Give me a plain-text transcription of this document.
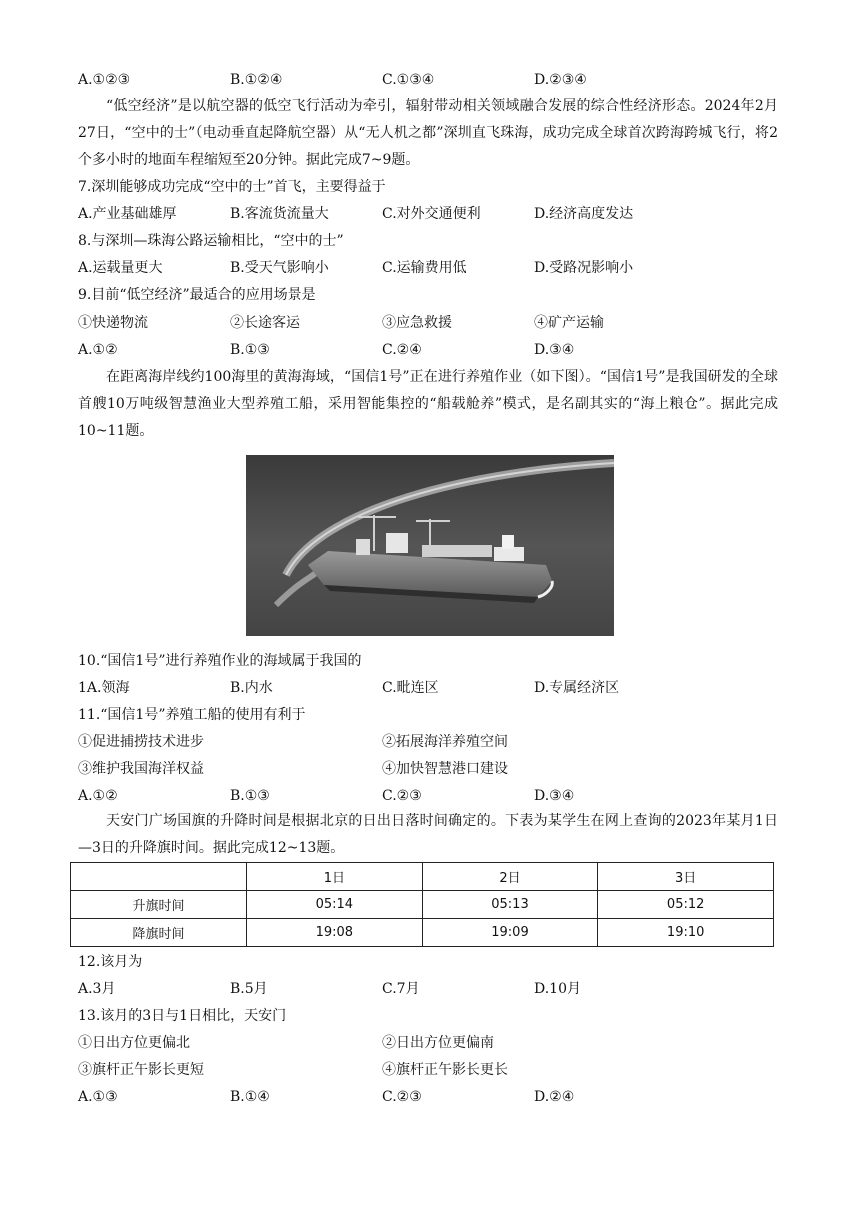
A.①②③	B.①②④	C.①③④	D.②③④
“低空经济”是以航空器的低空飞行活动为牵引，辐射带动相关领域融合发展的综合性经济形态。2024年2月27日，“空中的士”（电动垂直起降航空器）从“无人机之都”深圳直飞珠海，成功完成全球首次跨海跨城飞行，将2个多小时的地面车程缩短至20分钟。据此完成7~9题。
7.深圳能够成功完成“空中的士”首飞，主要得益于
A.产业基础雄厚	B.客流货流量大	C.对外交通便利	D.经济高度发达
8.与深圳—珠海公路运输相比，“空中的士”
A.运载量更大	B.受天气影响小	C.运输费用低	D.受路况影响小
9.目前“低空经济”最适合的应用场景是
①快递物流	②长途客运	③应急救援	④矿产运输
A.①②	B.①③	C.②④	D.③④
在距离海岸线约100海里的黄海海域，“国信1号”正在进行养殖作业（如下图）。“国信1号”是我国研发的全球首艘10万吨级智慧渔业大型养殖工船，采用智能集控的“船载舱养”模式，是名副其实的“海上粮仓”。据此完成10~11题。
10.“国信1号”进行养殖作业的海域属于我国的
1A.领海	B.内水	C.毗连区	D.专属经济区
11.“国信1号”养殖工船的使用有利于
①促进捕捞技术进步	②拓展海洋养殖空间
③维护我国海洋权益	④加快智慧港口建设
A.①②	B.①③	C.②③	D.③④
天安门广场国旗的升降时间是根据北京的日出日落时间确定的。下表为某学生在网上查询的2023年某月1日—3日的升降旗时间。据此完成12~13题。
	1日	2日	3日
升旗时间	05:14	05:13	05:12
降旗时间	19:08	19:09	19:10
12.该月为
A.3月	B.5月	C.7月	D.10月
13.该月的3日与1日相比，天安门
①日出方位更偏北	②日出方位更偏南
③旗杆正午影长更短	④旗杆正午影长更长
A.①③	B.①④	C.②③	D.②④
